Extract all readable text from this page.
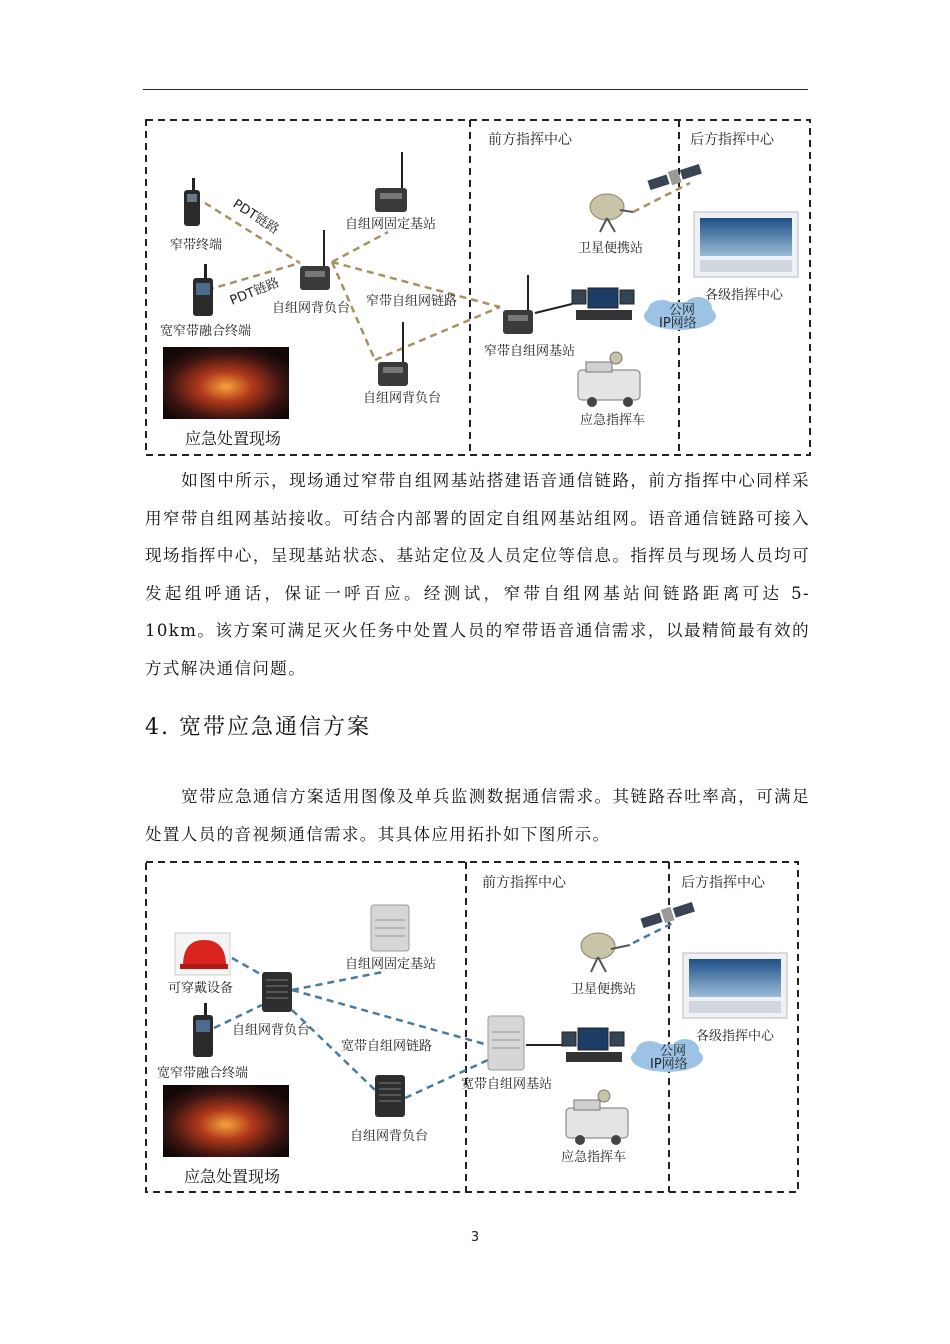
前方指挥中心	后方指挥中心
窄带终端
PDT链路
PDT链路
宽窄带融合终端
自组网背负台
自组网固定基站
窄带自组网链路
自组网背负台
窄带自组网基站
卫星便携站
公网
IP网络
各级指挥中心
应急指挥车
应急处置现场
前方指挥中心	后方指挥中心
可穿戴设备
宽窄带融合终端
自组网背负台
自组网固定基站
宽带自组网链路
自组网背负台
宽带自组网基站
卫星便携站
公网
IP网络
各级指挥中心
应急指挥车
应急处置现场

如图中所示，现场通过窄带自组网基站搭建语音通信链路，前方指挥中心同样采用窄带自组网基站接收。可结合内部署的固定自组网基站组网。语音通信链路可接入现场指挥中心，呈现基站状态、基站定位及人员定位等信息。指挥员与现场人员均可发起组呼通话，保证一呼百应。经测试，窄带自组网基站间链路距离可达 5-10km。该方案可满足灭火任务中处置人员的窄带语音通信需求，以最精简最有效的方式解决通信问题。

4. 宽带应急通信方案

宽带应急通信方案适用图像及单兵监测数据通信需求。其链路吞吐率高，可满足处置人员的音视频通信需求。其具体应用拓扑如下图所示。

3
